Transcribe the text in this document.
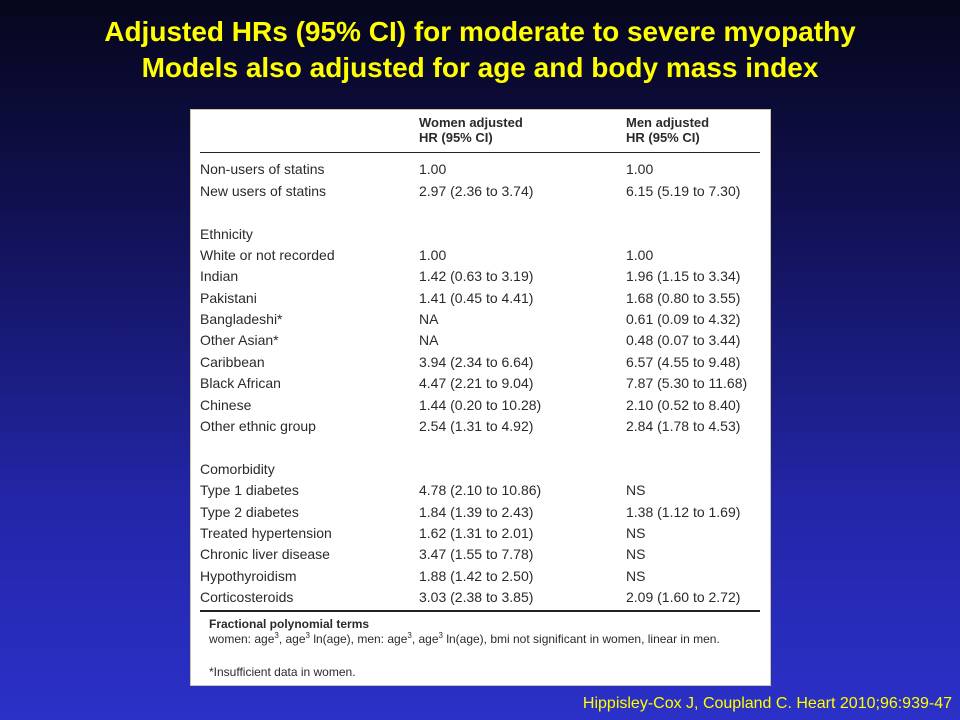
Adjusted HRs (95% CI) for moderate to severe myopathy
Models also adjusted for age and body mass index
Women adjusted
HR (95% CI)
Men adjusted
HR (95% CI)
Non-users of statins	1.00	1.00
New users of statins	2.97 (2.36 to 3.74)	6.15 (5.19 to 7.30)
Ethnicity
White or not recorded	1.00	1.00
Indian	1.42 (0.63 to 3.19)	1.96 (1.15 to 3.34)
Pakistani	1.41 (0.45 to 4.41)	1.68 (0.80 to 3.55)
Bangladeshi*	NA	0.61 (0.09 to 4.32)
Other Asian*	NA	0.48 (0.07 to 3.44)
Caribbean	3.94 (2.34 to 6.64)	6.57 (4.55 to 9.48)
Black African	4.47 (2.21 to 9.04)	7.87 (5.30 to 11.68)
Chinese	1.44 (0.20 to 10.28)	2.10 (0.52 to 8.40)
Other ethnic group	2.54 (1.31 to 4.92)	2.84 (1.78 to 4.53)
Comorbidity
Type 1 diabetes	4.78 (2.10 to 10.86)	NS
Type 2 diabetes	1.84 (1.39 to 2.43)	1.38 (1.12 to 1.69)
Treated hypertension	1.62 (1.31 to 2.01)	NS
Chronic liver disease	3.47 (1.55 to 7.78)	NS
Hypothyroidism	1.88 (1.42 to 2.50)	NS
Corticosteroids	3.03 (2.38 to 3.85)	2.09 (1.60 to 2.72)
Fractional polynomial terms
women: age$^3$, age$^3$ ln(age), men: age$^3$, age$^3$ ln(age), bmi not significant in women, linear in men.
*Insufficient data in women.
Hippisley-Cox J, Coupland C. Heart 2010;96:939-47
